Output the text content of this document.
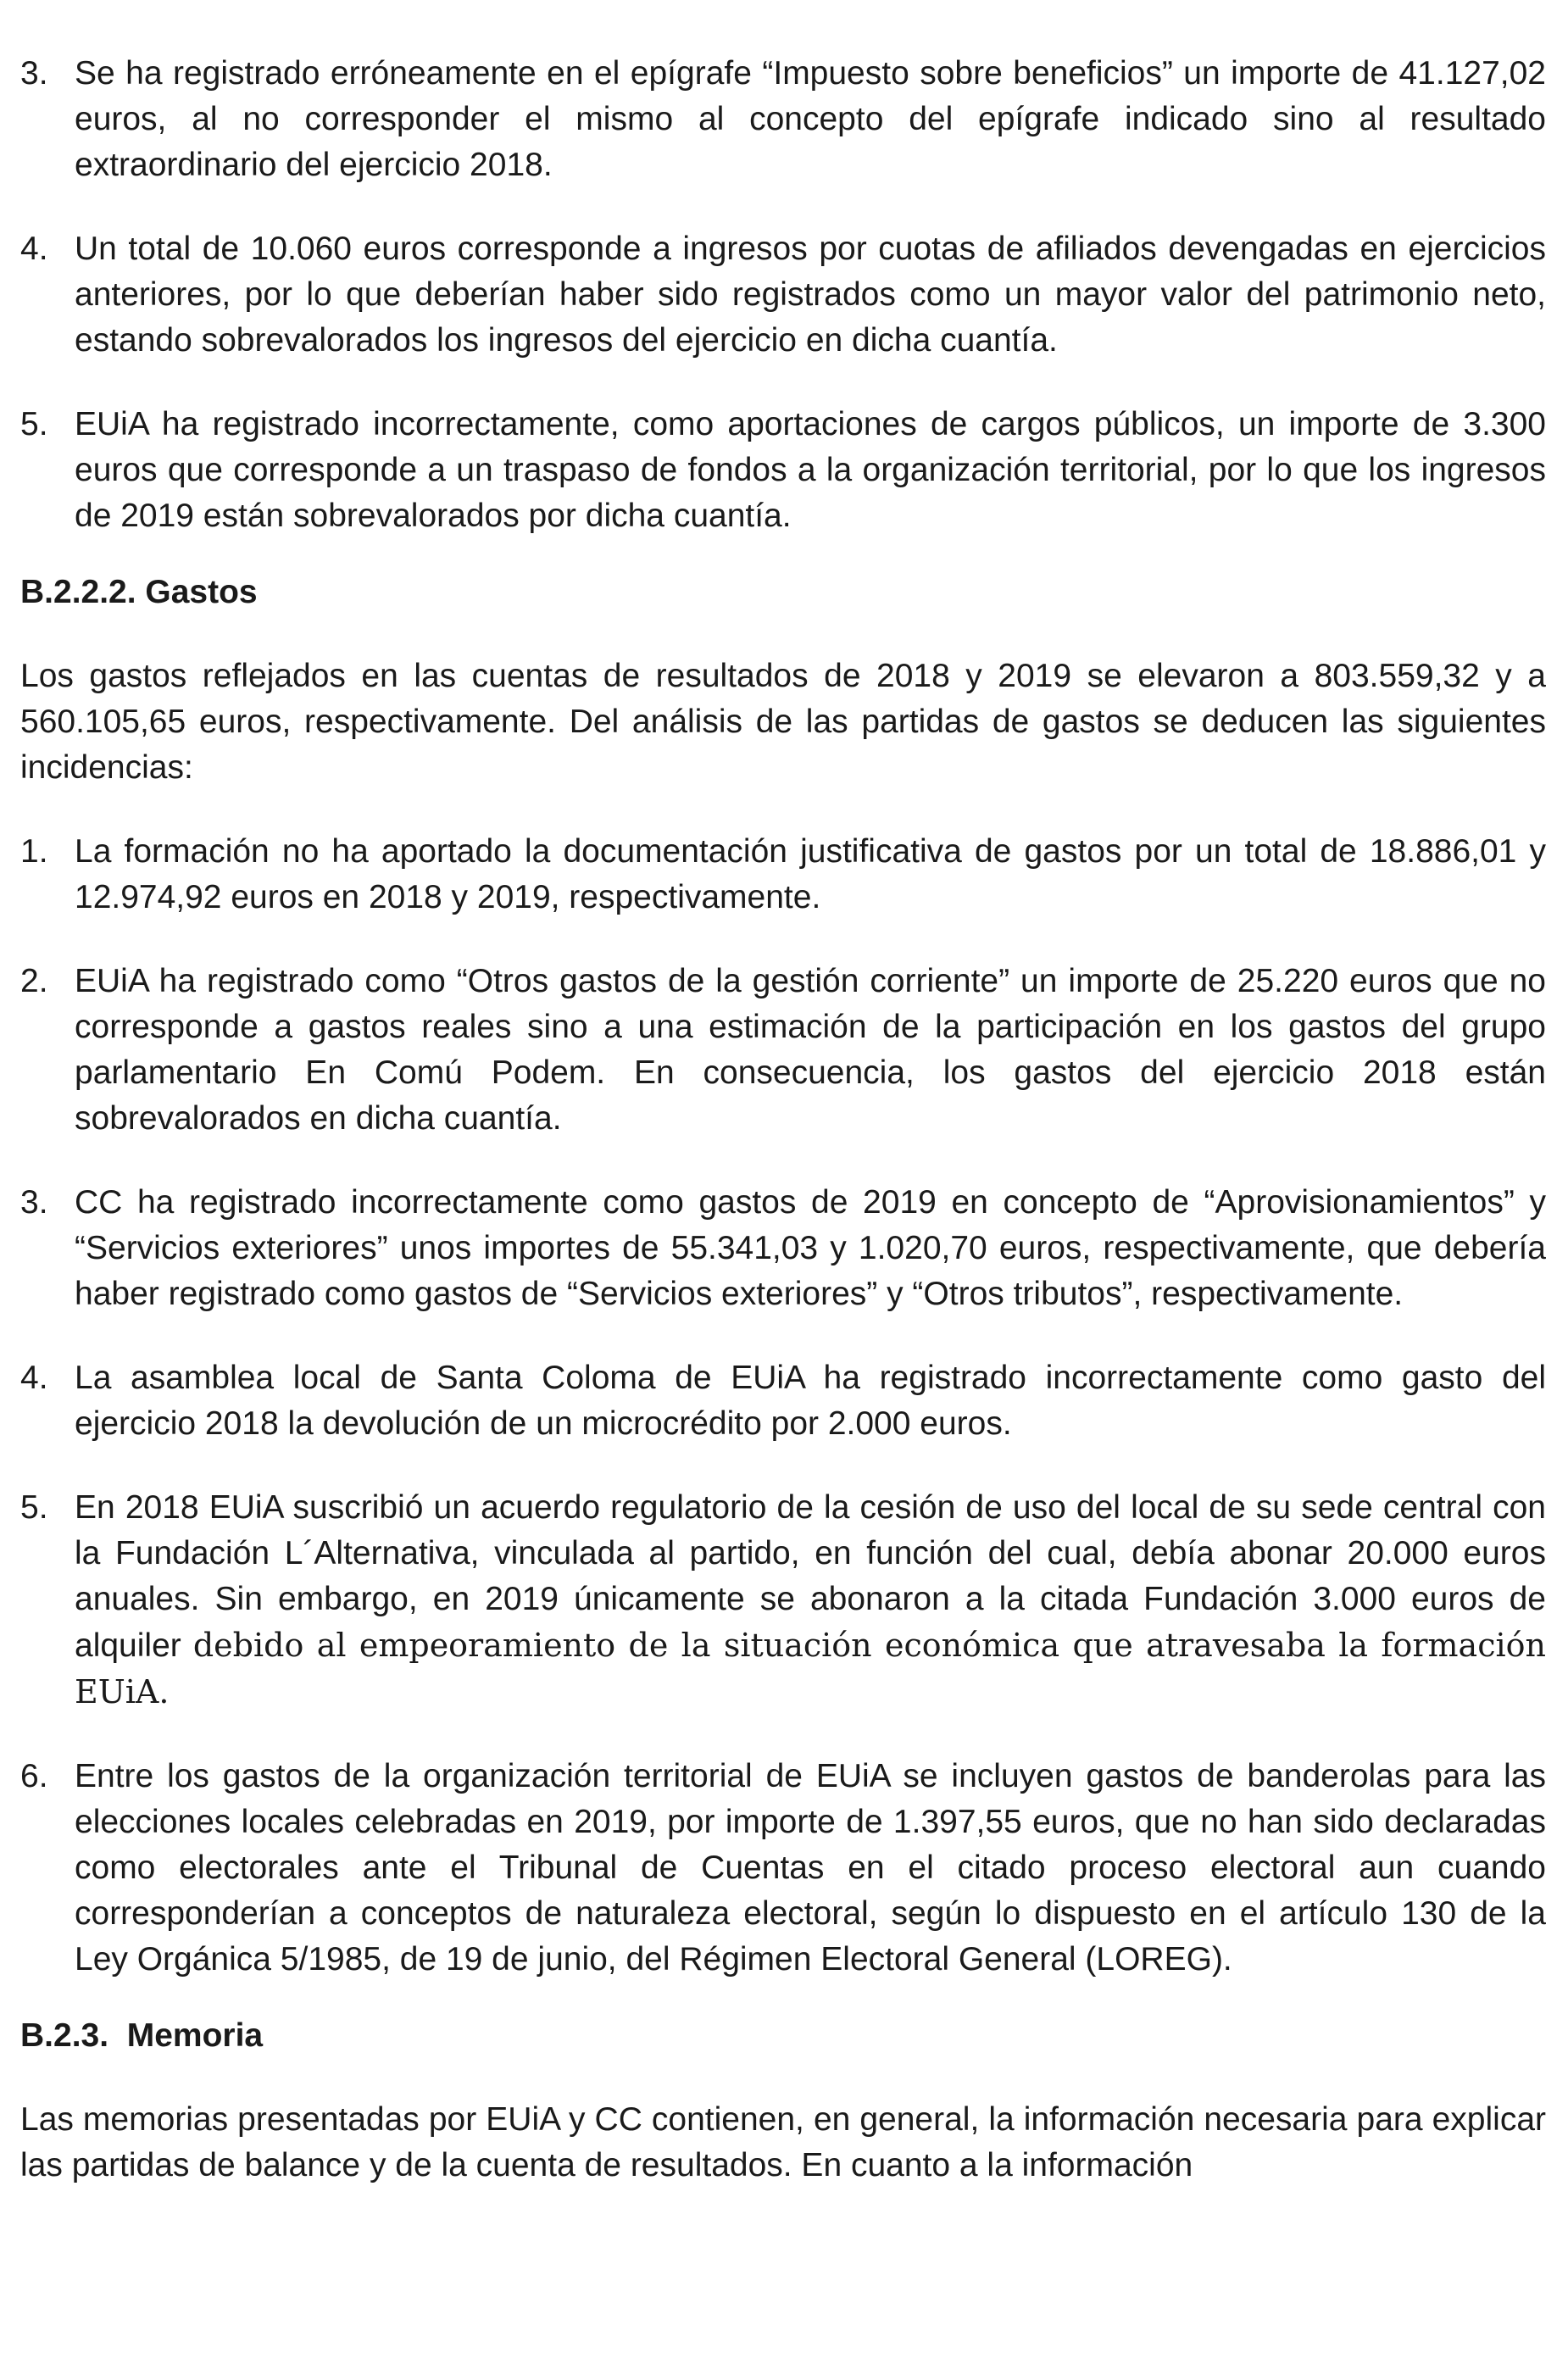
3. Se ha registrado erróneamente en el epígrafe “Impuesto sobre beneficios” un importe de 41.127,02 euros, al no corresponder el mismo al concepto del epígrafe indicado sino al resultado extraordinario del ejercicio 2018.
4. Un total de 10.060 euros corresponde a ingresos por cuotas de afiliados devengadas en ejercicios anteriores, por lo que deberían haber sido registrados como un mayor valor del patrimonio neto, estando sobrevalorados los ingresos del ejercicio en dicha cuantía.
5. EUiA ha registrado incorrectamente, como aportaciones de cargos públicos, un importe de 3.300 euros que corresponde a un traspaso de fondos a la organización territorial, por lo que los ingresos de 2019 están sobrevalorados por dicha cuantía.
B.2.2.2. Gastos
Los gastos reflejados en las cuentas de resultados de 2018 y 2019 se elevaron a 803.559,32 y a 560.105,65 euros, respectivamente. Del análisis de las partidas de gastos se deducen las siguientes incidencias:
1. La formación no ha aportado la documentación justificativa de gastos por un total de 18.886,01 y 12.974,92 euros en 2018 y 2019, respectivamente.
2. EUiA ha registrado como “Otros gastos de la gestión corriente” un importe de 25.220 euros que no corresponde a gastos reales sino a una estimación de la participación en los gastos del grupo parlamentario En Comú Podem. En consecuencia, los gastos del ejercicio 2018 están sobrevalorados en dicha cuantía.
3. CC ha registrado incorrectamente como gastos de 2019 en concepto de “Aprovisionamientos” y “Servicios exteriores” unos importes de 55.341,03 y 1.020,70 euros, respectivamente, que debería haber registrado como gastos de “Servicios exteriores” y “Otros tributos”, respectivamente.
4. La asamblea local de Santa Coloma de EUiA ha registrado incorrectamente como gasto del ejercicio 2018 la devolución de un microcrédito por 2.000 euros.
5. En 2018 EUiA suscribió un acuerdo regulatorio de la cesión de uso del local de su sede central con la Fundación L´Alternativa, vinculada al partido, en función del cual, debía abonar 20.000 euros anuales. Sin embargo, en 2019 únicamente se abonaron a la citada Fundación 3.000 euros de alquiler debido al empeoramiento de la situación económica que atravesaba la formación EUiA.
6. Entre los gastos de la organización territorial de EUiA se incluyen gastos de banderolas para las elecciones locales celebradas en 2019, por importe de 1.397,55 euros, que no han sido declaradas como electorales ante el Tribunal de Cuentas en el citado proceso electoral aun cuando corresponderían a conceptos de naturaleza electoral, según lo dispuesto en el artículo 130 de la Ley Orgánica 5/1985, de 19 de junio, del Régimen Electoral General (LOREG).
B.2.3.  Memoria
Las memorias presentadas por EUiA y CC contienen, en general, la información necesaria para explicar las partidas de balance y de la cuenta de resultados. En cuanto a la información
